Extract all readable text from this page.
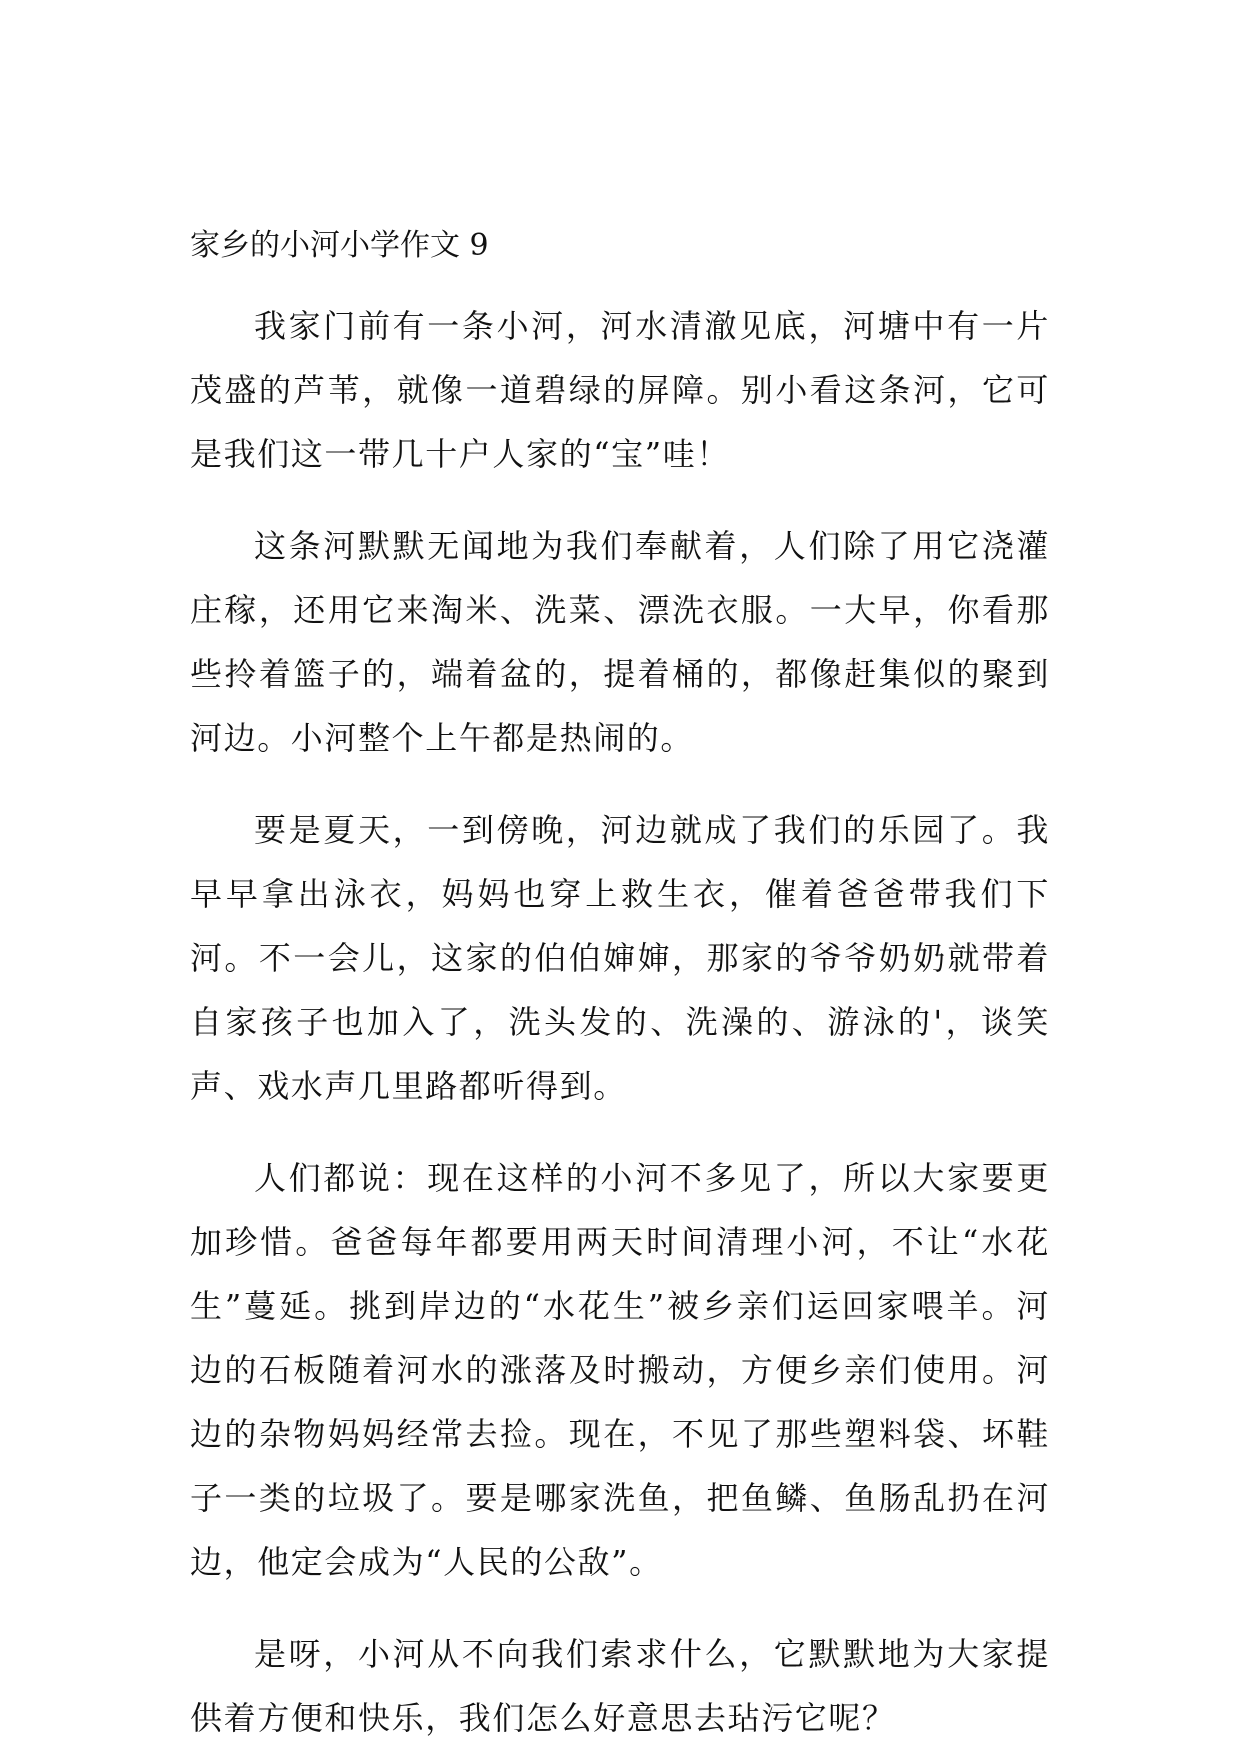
家乡的小河小学作文 9

我家门前有一条小河，河水清澈见底，河塘中有一片茂盛的芦苇，就像一道碧绿的屏障。别小看这条河，它可是我们这一带几十户人家的“宝”哇！

这条河默默无闻地为我们奉献着，人们除了用它浇灌庄稼，还用它来淘米、洗菜、漂洗衣服。一大早，你看那些拎着篮子的，端着盆的，提着桶的，都像赶集似的聚到河边。小河整个上午都是热闹的。

要是夏天，一到傍晚，河边就成了我们的乐园了。我早早拿出泳衣，妈妈也穿上救生衣，催着爸爸带我们下河。不一会儿，这家的伯伯婶婶，那家的爷爷奶奶就带着自家孩子也加入了，洗头发的、洗澡的、游泳的'，谈笑声、戏水声几里路都听得到。

人们都说：现在这样的小河不多见了，所以大家要更加珍惜。爸爸每年都要用两天时间清理小河，不让“水花生”蔓延。挑到岸边的“水花生”被乡亲们运回家喂羊。河边的石板随着河水的涨落及时搬动，方便乡亲们使用。河边的杂物妈妈经常去捡。现在，不见了那些塑料袋、坏鞋子一类的垃圾了。要是哪家洗鱼，把鱼鳞、鱼肠乱扔在河边，他定会成为“人民的公敌”。

是呀，小河从不向我们索求什么，它默默地为大家提供着方便和快乐，我们怎么好意思去玷污它呢？
